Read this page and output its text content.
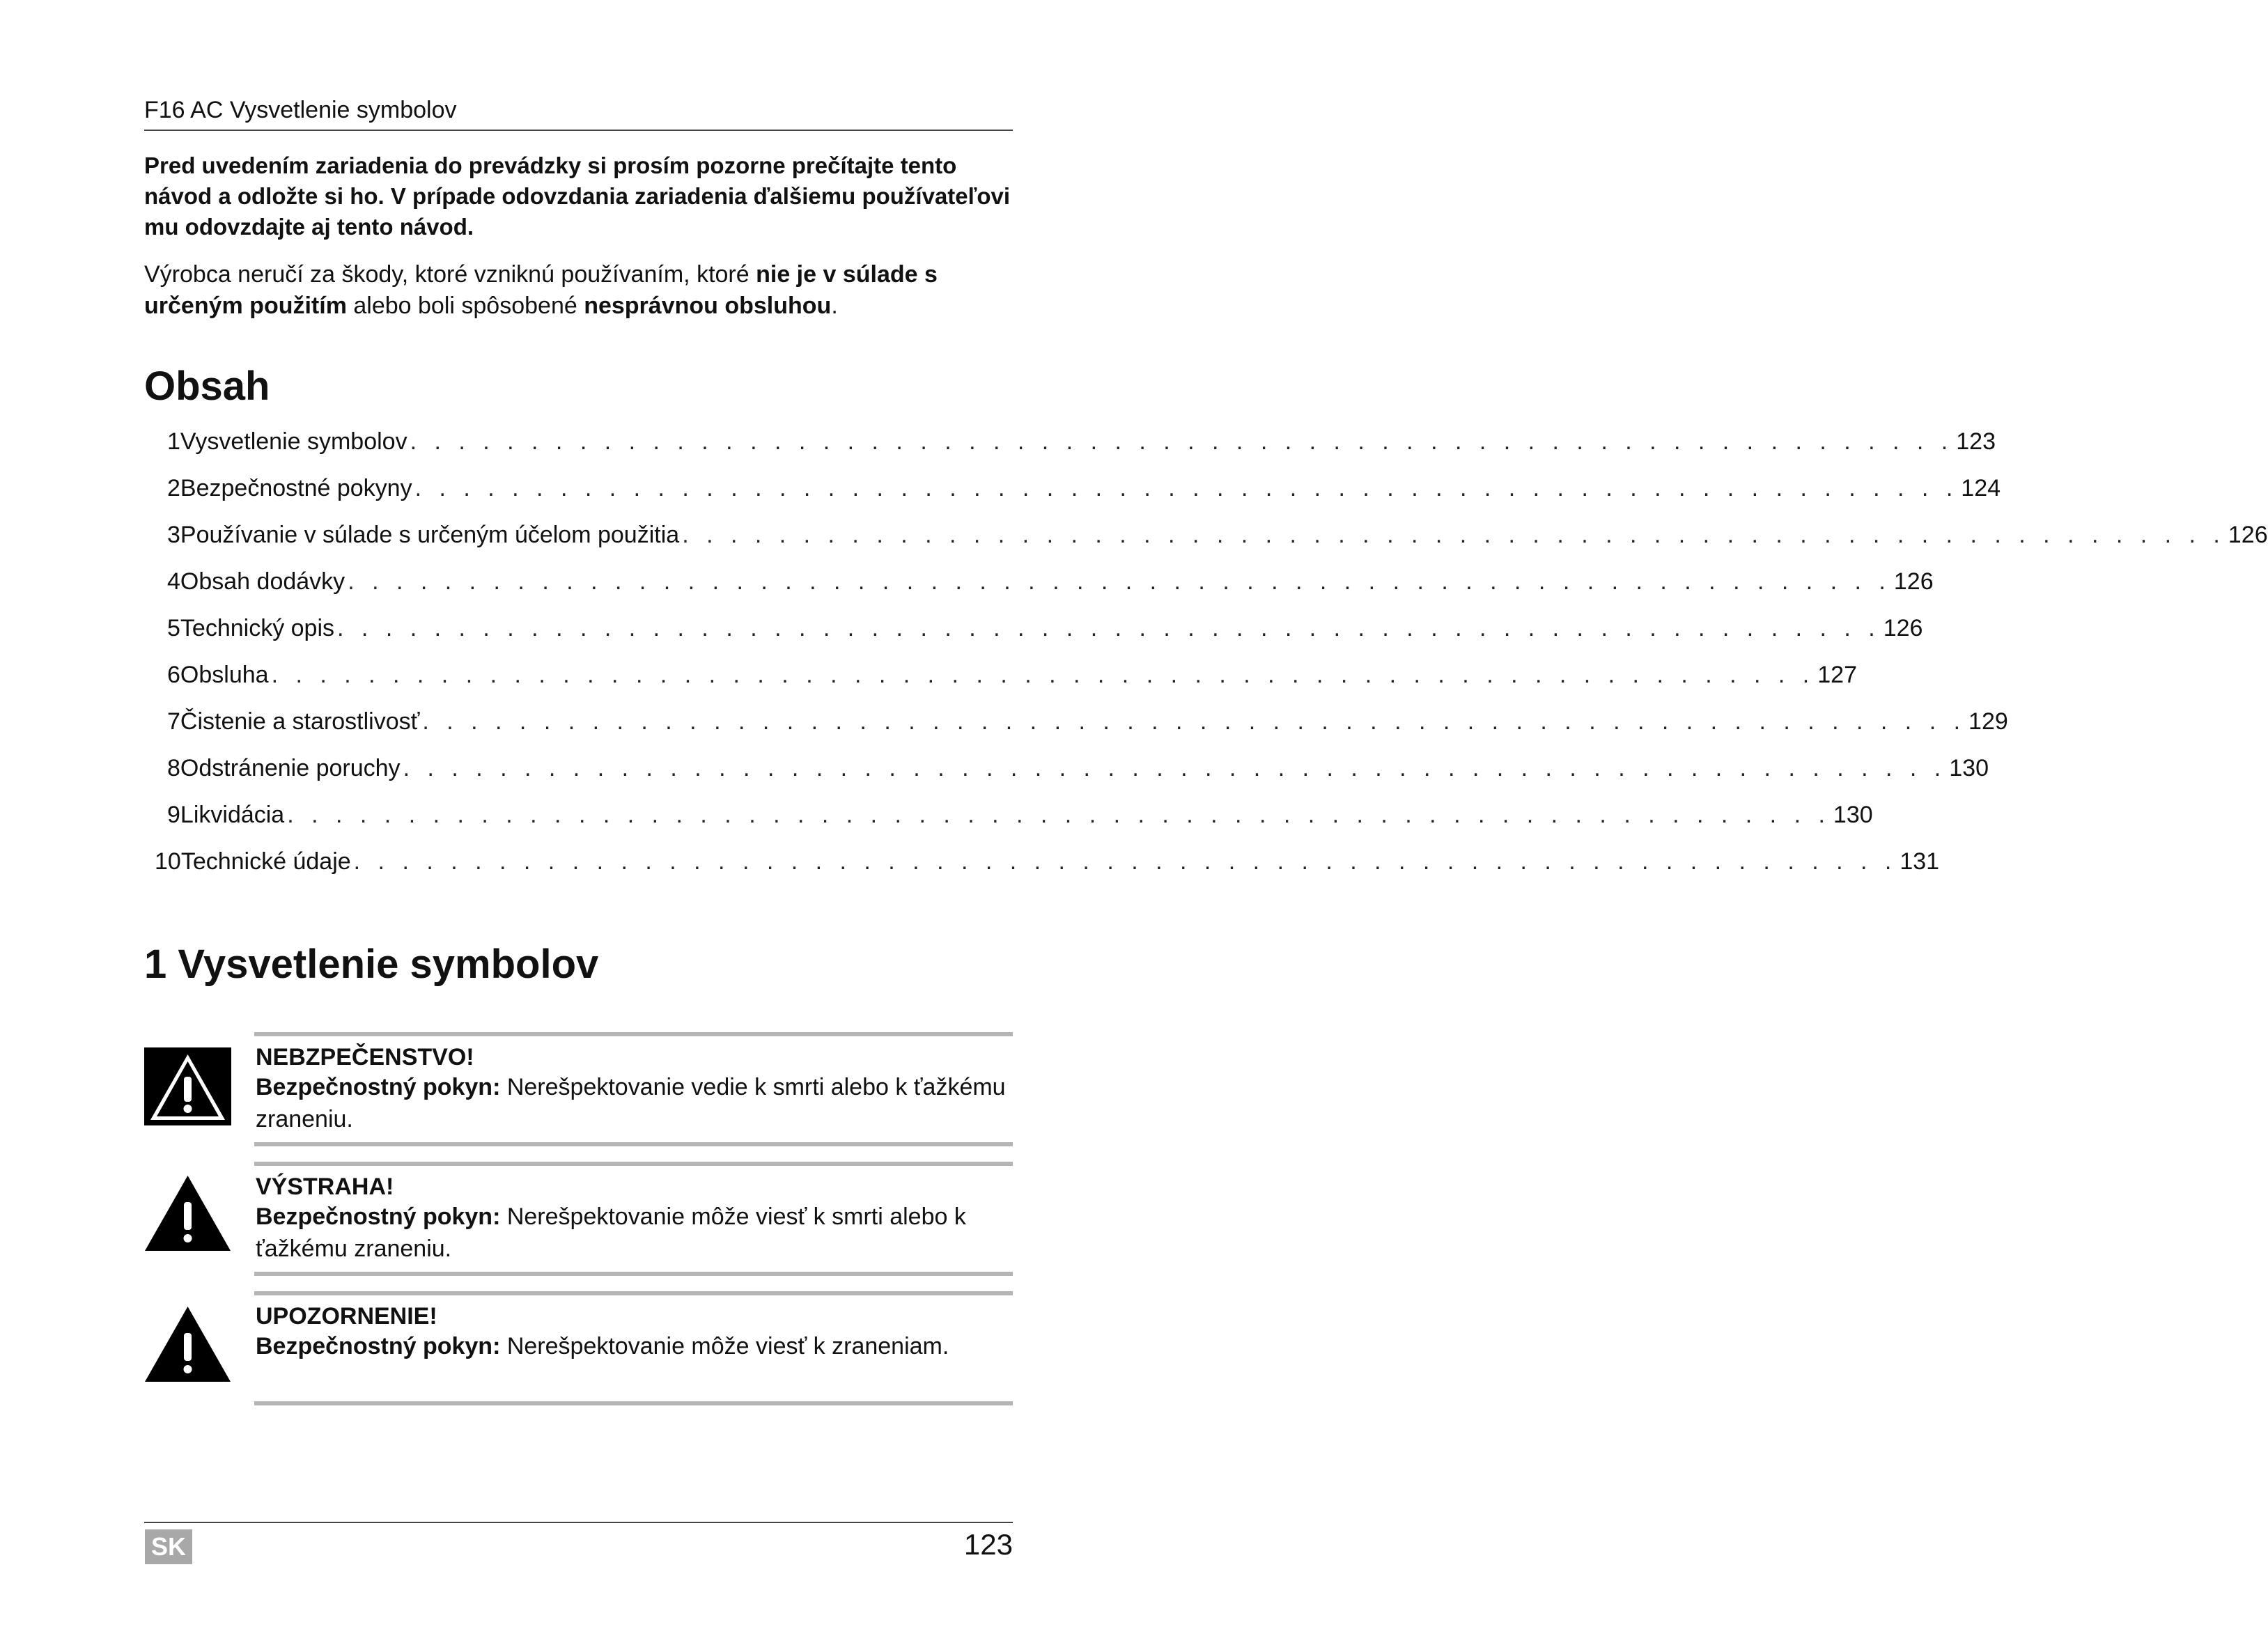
F16 AC Vysvetlenie symbolov
Pred uvedením zariadenia do prevádzky si prosím pozorne prečítajte tento návod a odložte si ho. V prípade odovzdania zariadenia ďalšiemu používateľovi mu odovzdajte aj tento návod.
Výrobca neručí za škody, ktoré vzniknú používaním, ktoré nie je v súlade s určeným použitím alebo boli spôsobené nesprávnou obsluhou.
Obsah
1 Vysvetlenie symbolov . . . . . . . . . . . . . . . . . . . . . . . . . . . . . . . . . . . . . . . . . . . . . . . . . . . . . . . . . . . . . . . . 123
2 Bezpečnostné pokyny . . . . . . . . . . . . . . . . . . . . . . . . . . . . . . . . . . . . . . . . . . . . . . . . . . . . . . . . . . . . . . . . 124
3 Používanie v súlade s určeným účelom použitia . . . . . . . . . . . . . . . . . . . . . . . . . . . . . . . . . . . . . . . . . . . . . . . . . . . . . . . . . . . . . . . . 126
4 Obsah dodávky . . . . . . . . . . . . . . . . . . . . . . . . . . . . . . . . . . . . . . . . . . . . . . . . . . . . . . . . . . . . . . . . 126
5 Technický opis . . . . . . . . . . . . . . . . . . . . . . . . . . . . . . . . . . . . . . . . . . . . . . . . . . . . . . . . . . . . . . . . 126
6 Obsluha . . . . . . . . . . . . . . . . . . . . . . . . . . . . . . . . . . . . . . . . . . . . . . . . . . . . . . . . . . . . . . . . 127
7 Čistenie a starostlivosť . . . . . . . . . . . . . . . . . . . . . . . . . . . . . . . . . . . . . . . . . . . . . . . . . . . . . . . . . . . . . . . . 129
8 Odstránenie poruchy . . . . . . . . . . . . . . . . . . . . . . . . . . . . . . . . . . . . . . . . . . . . . . . . . . . . . . . . . . . . . . . . 130
9 Likvidácia . . . . . . . . . . . . . . . . . . . . . . . . . . . . . . . . . . . . . . . . . . . . . . . . . . . . . . . . . . . . . . . . 130
10 Technické údaje . . . . . . . . . . . . . . . . . . . . . . . . . . . . . . . . . . . . . . . . . . . . . . . . . . . . . . . . . . . . . . . . 131
1 Vysvetlenie symbolov
NEBZPEČENSTVO!
Bezpečnostný pokyn: Nerešpektovanie vedie k smrti alebo k ťažkému zraneniu.
VÝSTRAHA!
Bezpečnostný pokyn: Nerešpektovanie môže viesť k smrti alebo k ťažkému zraneniu.
UPOZORNENIE!
Bezpečnostný pokyn: Nerešpektovanie môže viesť k zraneniam.
SK	123
